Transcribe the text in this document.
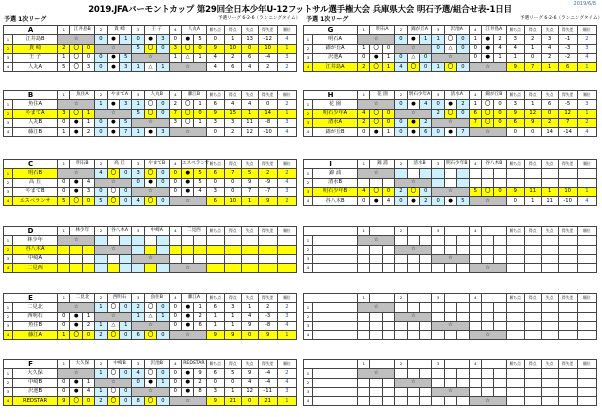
2019/6/8
2019.JFAバーモントカップ 第29回全日本少年U-12フットサル選手権大会 兵庫県大会 明石予選/組合せ表-1日目
予選 1次リーグ	予選リーグ 6-2-6（ランニングタイム） 予選 1次リーグ	予選リーグ 6-2-6（ランニングタイム）
A		1	江井島B		2	貴 崎		3	王 子		4	人丸A		勝ち点	得点	失点	得失差	順位
1	江井島B	☆			0	●	1	0	●	3	0	●	5	0	1	13	-12	4
2	貴 崎	2	〇	0	☆			5	〇	0	3	〇	0	9	10	0	10	1
3	王 子	1	〇	0	0	●	5	☆			1	△	1	4	2	6	-4	3
4	人丸A	5	〇	3	0	●	3	1	△	1	☆			4	6	4	2	2
B		1	魚住A		2	やまてA		3	人丸B		4	藤江B		勝ち点	得点	失点	得失差	順位
1	魚住A	☆			1	●	3	1	〇	0	2	〇	1	6	4	4	0	2
2	やまてA	3	〇	1	☆			5	〇	0	7	〇	0	9	15	1	14	1
3	人丸B	0	●	1	0	●	5	☆			3	〇	1	3	3	11	-8	3
4	藤江B	1	●	2	0	●	7	1	●	3	☆			0	2	12	-10	4
C		1	明石B		2	高 丘		3	やまてB		4	エスペランサ		勝ち点	得点	失点	得失差	順位
1	明石B	☆			4	〇	0	3	〇	0	0	●	5	6	7	5	2	2
2	高 丘	0	●	4	☆			0	●	0	0	●	5	0	0	9	-9	4
3	やまてB	0	●	3	0	〇	0	☆			0	●	4	3	0	7	-7	3
4	エスペランサ	5	〇	0	5	〇	0	4	〇	0	☆			6	10	1	9	2
D		1	林少年		2	谷八木A		3	中崎A		4	二見西		勝ち点	得点	失点	得失差	順位
1	林少年	☆																
2	谷八木A				☆													
3	中崎A							☆										
4	二見西										☆							
E		1	二見北		2	西明石		3	魚住B		4	藤江A		勝ち点	得点	失点	得失差	順位
1	二見北	☆			1	〇	0	2	〇	0	0	●	1	6	3	1	2	2
2	西明石	0	●	1	☆			1	△	1	0	●	2	1	1	4	-3	3
3	魚住B	0	●	2	1	△	1	☆			0	●	6	1	1	9	-8	4
4	藤江A	1	〇	0	2	〇	0	6	〇	0	☆			9	9	0	9	1
F		1	大久保		2	中崎B		3	沢池B		4	REDSTAR		勝ち点	得点	失点	得失差	順位
1	大久保	☆			1	〇	0	4	〇	0	0	●	9	6	5	9	-4	2
2	中崎B	0	●	1	☆			0	●	1	0	●	2	0	0	4	-4	4
3	沢池B	0	●	4	1	〇	0	☆			0	●	8	3	1	12	-11	3
4	REDSTAR	9	〇	0	2	〇	0	8	〇	0	☆			9	21	0	21	1
G		1	明石A		2	錦が丘A		3	沢池A		4	江井島A		勝ち点	得点	失点	得失差	順位
1	明石A	☆			0	●	1	1	〇	0	1	●	2	3	2	3	-1	2
2	錦が丘A	1	〇	0	☆			0	△	0	0	●	4	4	1	4	-3	3
3	沢池A	0	●	1	0	△	0	☆			0	●	1	1	0	2	-2	4
4	江井島A	2	〇	1	4	〇	0	1	〇	0	☆			9	7	1	6	1
H		1	花 園		2	明石少年A		3	清水A		4	錦が丘B		勝ち点	得点	失点	得失差	順位
1	花 園	☆			0	●	4	0	●	2	1	〇	0	3	1	6	-5	3
2	明石少年A	4	〇	0	☆			2	〇	0	6	〇	0	9	12	0	12	1
3	清水A	2	〇	0	0	●	2	☆			7	〇	0	6	9	2	7	2
4	錦が丘B	0	●	1	0	●	6	0	●	7	☆			0	0	14	-14	4
I		1	錦 浦		2	清水B		3	明石少年B		4	谷八木B		勝ち点	得点	失点	得失差	順位
1	錦 浦	☆																
2	清水B				☆													
3	明石少年B	4	〇	0	2	〇	0	☆			5	〇	0	9	11	1	10	1
4	谷八木B	0	●	4	0	●	2	0	●	5	☆			0	1	11	-10	4
		1			2			3			4			勝ち点	得点	失点	得失差	順位
1		☆																
2					☆													
3								☆										
4											☆							
		1			2			3			4			勝ち点	得点	失点	得失差	順位
1		☆																
2					☆													
3								☆										
4											☆							
		1			2			3			4			勝ち点	得点	失点	得失差	順位
1		☆																
2					☆													
3								☆										
4											☆							
